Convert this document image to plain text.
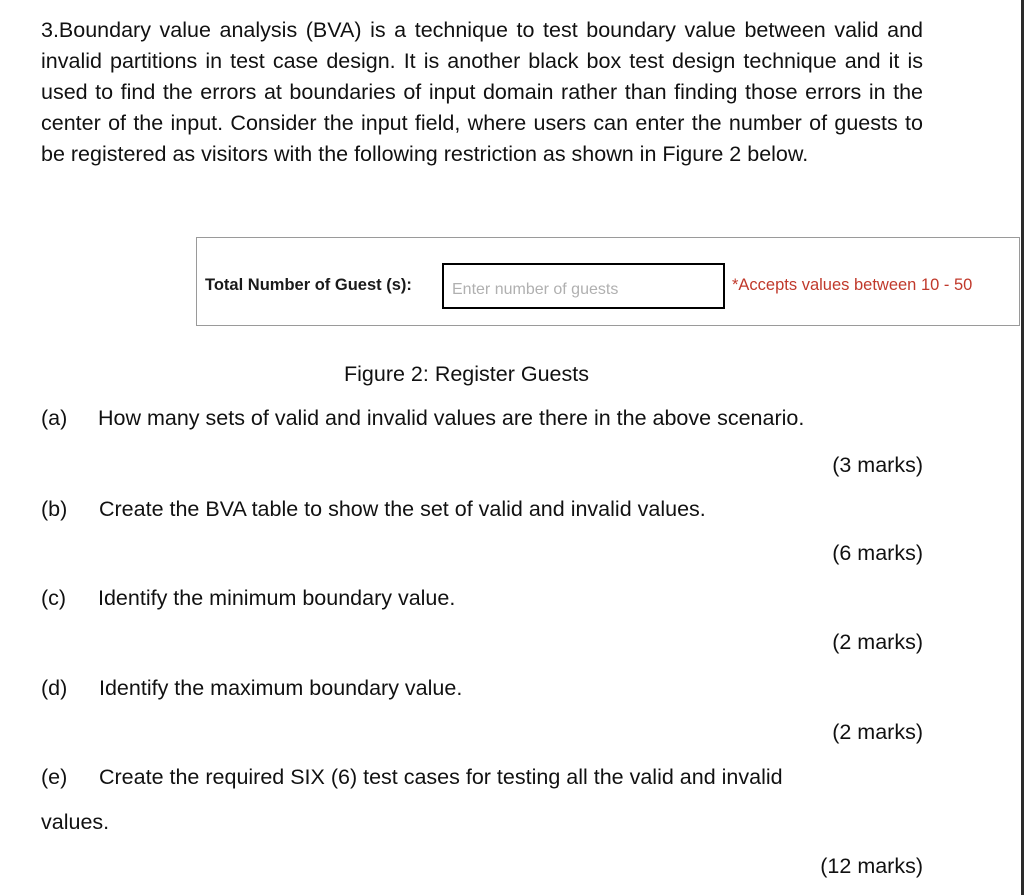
3.Boundary value analysis (BVA) is a technique to test boundary value between valid and invalid partitions in test case design. It is another black box test design technique and it is used to find the errors at boundaries of input domain rather than finding those errors in the center of the input. Consider the input field, where users can enter the number of guests to be registered as visitors with the following restriction as shown in Figure 2 below.

Total Number of Guest (s):
Enter number of guests	*Accepts values between 10 - 50
Figure 2: Register Guests
(a) How many sets of valid and invalid values are there in the above scenario.
(3 marks)
(b) Create the BVA table to show the set of valid and invalid values.
(6 marks)
(c) Identify the minimum boundary value.
(2 marks)
(d) Identify the maximum boundary value.
(2 marks)
(e) Create the required SIX (6) test cases for testing all the valid and invalid
values.
(12 marks)
